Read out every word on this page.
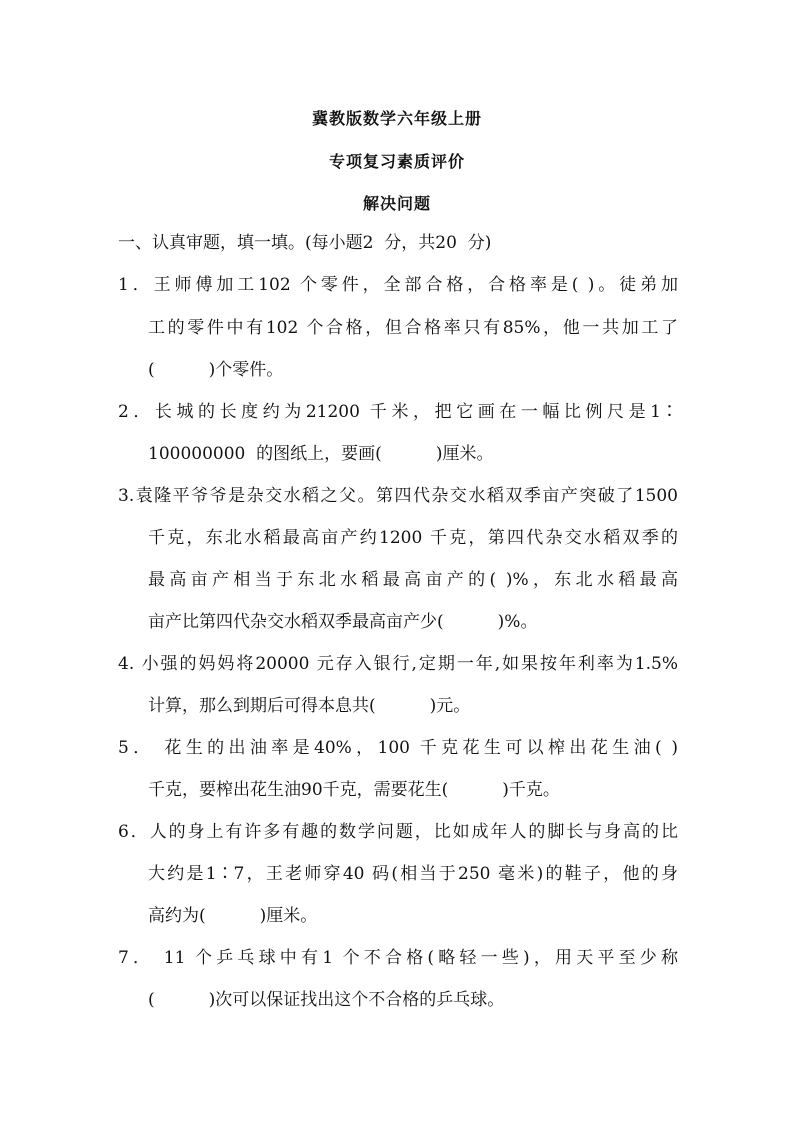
冀教版数学六年级上册
专项复习素质评价
解决问题
一、认真审题，填一填。(每小题2  分，共20  分)
1．王师傅加工102 个零件，全部合格，合格率是( )。徒弟加
工的零件中有102 个合格，但合格率只有85%，他一共加工了
(          )个零件。
2．长城的长度约为21200 千米，把它画在一幅比例尺是1∶
100000000  的图纸上，要画(          )厘米。
3.袁隆平爷爷是杂交水稻之父。第四代杂交水稻双季亩产突破了1500
千克，东北水稻最高亩产约1200 千克，第四代杂交水稻双季的
最高亩产相当于东北水稻最高亩产的( )%，东北水稻最高
亩产比第四代杂交水稻双季最高亩产少(          )%。
4. 小强的妈妈将20000 元存入银行,定期一年,如果按年利率为1.5%
计算，那么到期后可得本息共(          )元。
5． 花生的出油率是40%，100 千克花生可以榨出花生油( )
千克，要榨出花生油90千克，需要花生(          )千克。
6．人的身上有许多有趣的数学问题，比如成年人的脚长与身高的比
大约是1∶7，王老师穿40 码(相当于250 毫米)的鞋子，他的身
高约为(          )厘米。
7． 11 个乒乓球中有1 个不合格(略轻一些)，用天平至少称
(          )次可以保证找出这个不合格的乒乓球。
